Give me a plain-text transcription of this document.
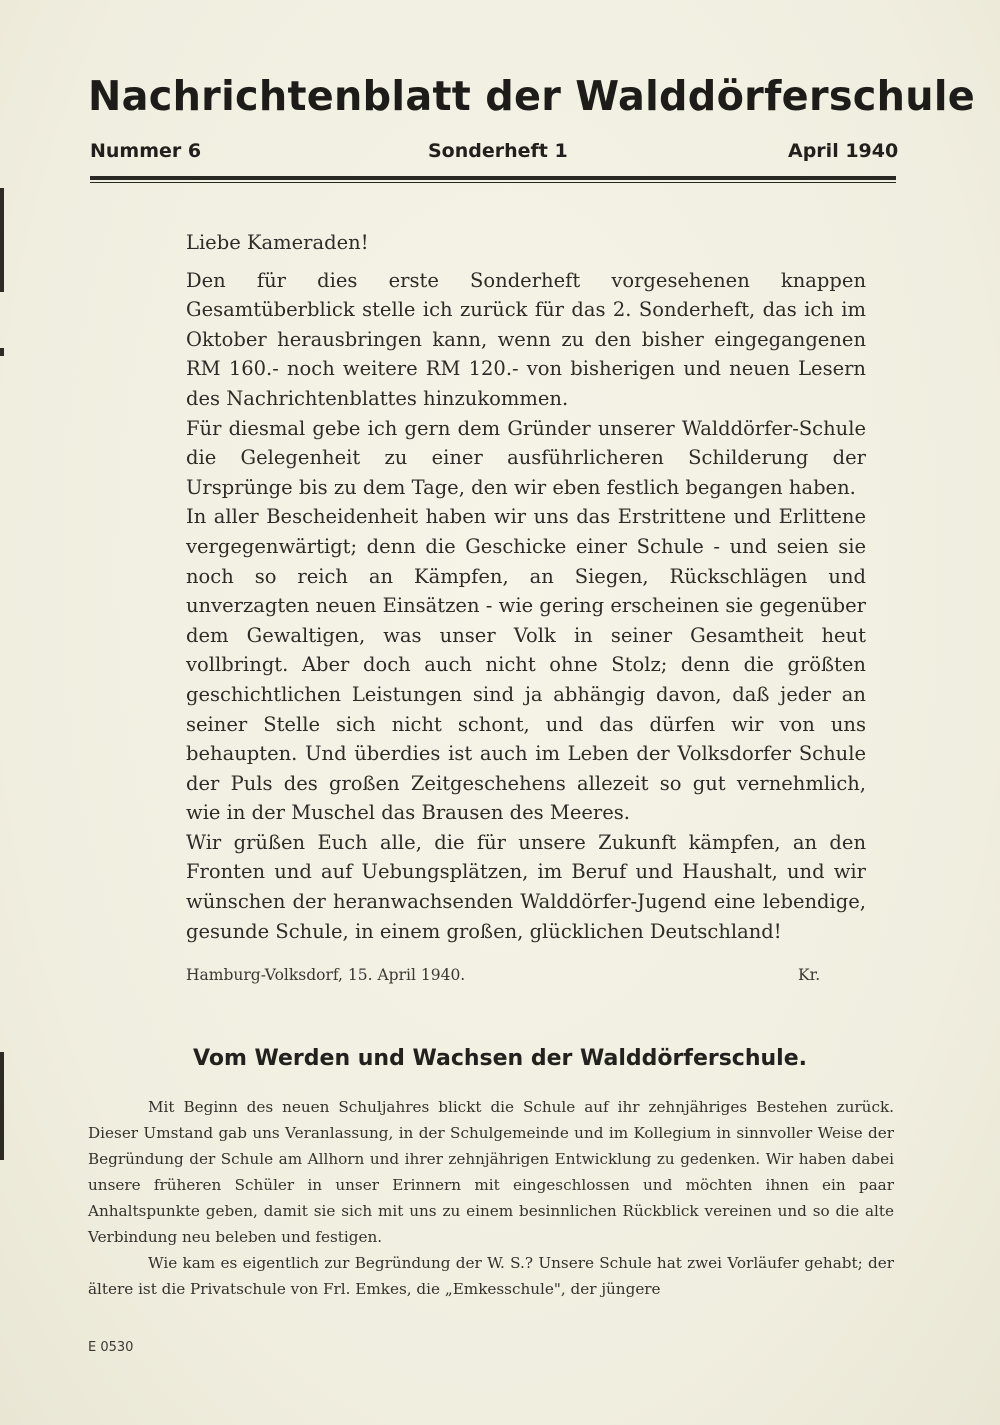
Nachrichtenblatt der Walddörferschule
Nummer 6	Sonderheft 1	April 1940
Liebe Kameraden!

Den für dies erste Sonderheft vorgesehenen knappen Gesamtüberblick stelle ich zurück für das 2. Sonderheft, das ich im Oktober herausbringen kann, wenn zu den bisher eingegangenen RM 160.- noch weitere RM 120.- von bisherigen und neuen Lesern des Nachrichtenblattes hinzukommen.

Für diesmal gebe ich gern dem Gründer unserer Walddörfer-Schule die Gelegenheit zu einer ausführlicheren Schilderung der Ursprünge bis zu dem Tage, den wir eben festlich begangen haben.

In aller Bescheidenheit haben wir uns das Erstrittene und Erlittene vergegenwärtigt; denn die Geschicke einer Schule - und seien sie noch so reich an Kämpfen, an Siegen, Rückschlägen und unverzagten neuen Einsätzen - wie gering erscheinen sie gegenüber dem Gewaltigen, was unser Volk in seiner Gesamtheit heut vollbringt. Aber doch auch nicht ohne Stolz; denn die größten geschichtlichen Leistungen sind ja abhängig davon, daß jeder an seiner Stelle sich nicht schont, und das dürfen wir von uns behaupten. Und überdies ist auch im Leben der Volksdorfer Schule der Puls des großen Zeitgeschehens allezeit so gut vernehmlich, wie in der Muschel das Brausen des Meeres.

Wir grüßen Euch alle, die für unsere Zukunft kämpfen, an den Fronten und auf Uebungsplätzen, im Beruf und Haushalt, und wir wünschen der heranwachsenden Walddörfer-Jugend eine lebendige, gesunde Schule, in einem großen, glücklichen Deutschland!

Hamburg-Volksdorf, 15. April 1940.	Kr.
Vom Werden und Wachsen der Walddörferschule.

Mit Beginn des neuen Schuljahres blickt die Schule auf ihr zehnjähriges Bestehen zurück. Dieser Umstand gab uns Veranlassung, in der Schulgemeinde und im Kollegium in sinnvoller Weise der Begründung der Schule am Allhorn und ihrer zehnjährigen Entwicklung zu gedenken. Wir haben dabei unsere früheren Schüler in unser Erinnern mit eingeschlossen und möchten ihnen ein paar Anhaltspunkte geben, damit sie sich mit uns zu einem besinnlichen Rückblick vereinen und so die alte Verbindung neu beleben und festigen.

Wie kam es eigentlich zur Begründung der W. S.? Unsere Schule hat zwei Vorläufer gehabt; der ältere ist die Privatschule von Frl. Emkes, die „Emkesschule", der jüngere

E 0530
